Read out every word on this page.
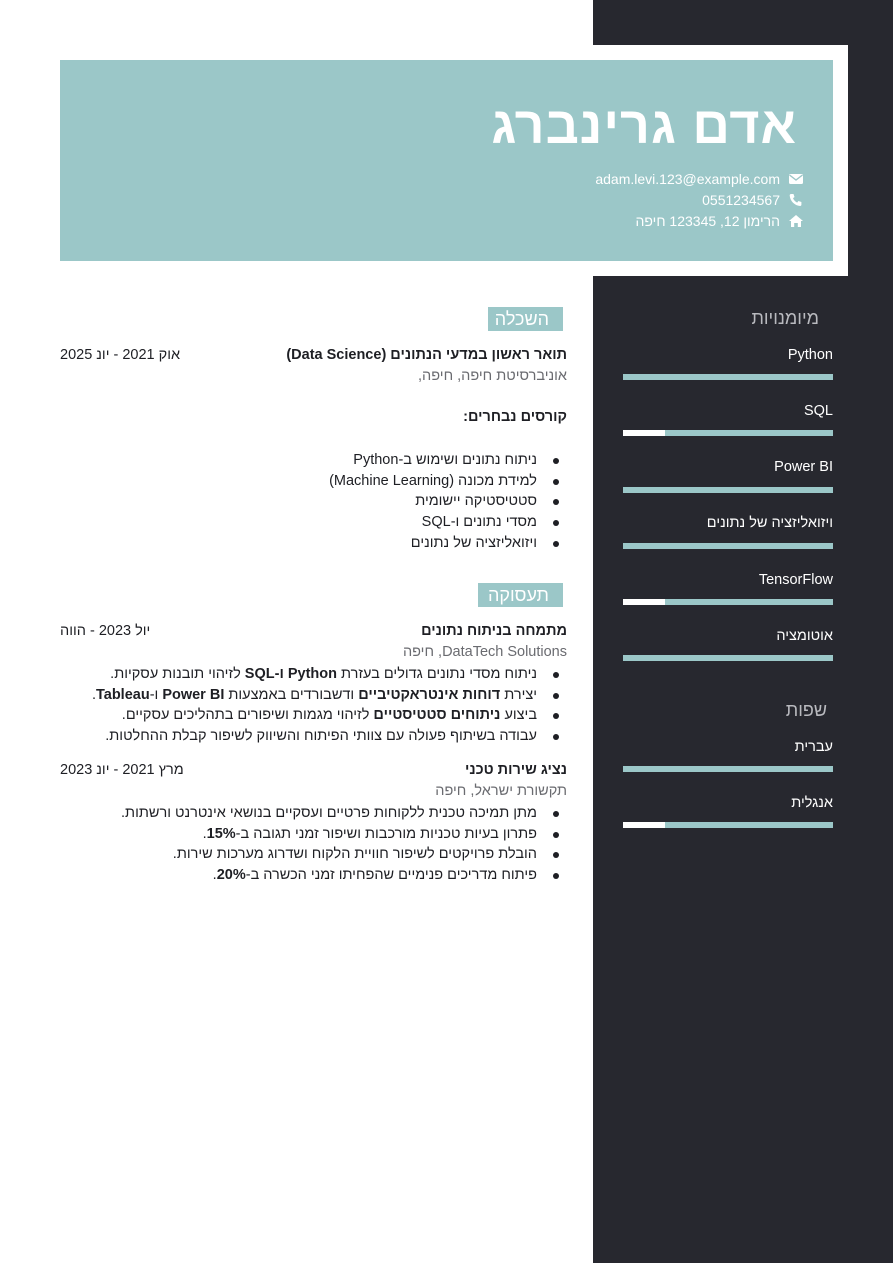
אדם גרינברג
adam.levi.123@example.com
0551234567
הרימון 12, 123345 חיפה
השכלה
תואר ראשון במדעי הנתונים (Data Science)
אוק 2021 - יונ 2025
אוניברסיטת חיפה, חיפה,
קורסים נבחרים:
ניתוח נתונים ושימוש ב-Python
למידת מכונה (Machine Learning)
סטטיסטיקה יישומית
מסדי נתונים ו-SQL
ויזואליזציה של נתונים
תעסוקה
מתמחה בניתוח נתונים
יול 2023 - הווה
DataTech Solutions, חיפה
ניתוח מסדי נתונים גדולים בעזרת Python ו-SQL לזיהוי תובנות עסקיות.
יצירת דוחות אינטראקטיביים ודשבורדים באמצעות Power BI ו-Tableau.
ביצוע ניתוחים סטטיסטיים לזיהוי מגמות ושיפורים בתהליכים עסקיים.
עבודה בשיתוף פעולה עם צוותי הפיתוח והשיווק לשיפור קבלת ההחלטות.
נציג שירות טכני
מרץ 2021 - יונ 2023
תקשורת ישראל, חיפה
מתן תמיכה טכנית ללקוחות פרטיים ועסקיים בנושאי אינטרנט ורשתות.
פתרון בעיות טכניות מורכבות ושיפור זמני תגובה ב-15%.
הובלת פרויקטים לשיפור חוויית הלקוח ושדרוג מערכות שירות.
פיתוח מדריכים פנימיים שהפחיתו זמני הכשרה ב-20%.
מיומנויות
Python
SQL
Power BI
ויזואליזציה של נתונים
TensorFlow
אוטומציה
שפות
עברית
אנגלית
